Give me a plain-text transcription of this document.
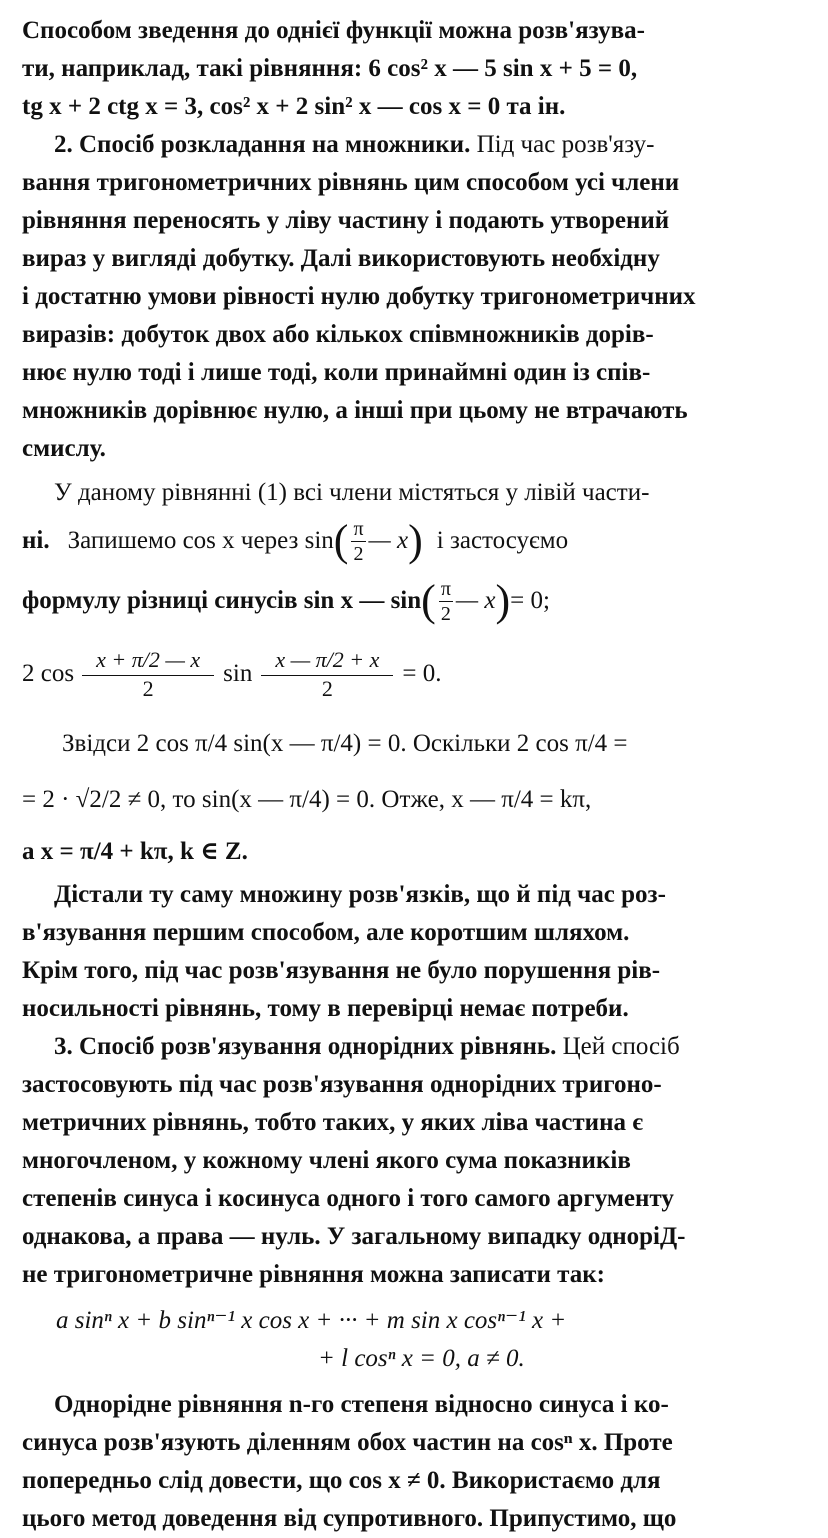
Способом зведення до однієї функції можна розв'язува-
ти, наприклад, такі рівняння: 6 cos² x — 5 sin x + 5 = 0,
tg x + 2 ctg x = 3, cos² x + 2 sin² x — cos x = 0 та ін.
2. Спосіб розкладання на множники. Під час розв'язу-
вання тригонометричних рівнянь цим способом усі члени
рівняння переносять у ліву частину і подають утворений
вираз у вигляді добутку. Далі використовують необхідну
і достатню умови рівності нулю добутку тригонометричних
виразів: добуток двох або кількох співмножників дорів-
нює нулю тоді і лише тоді, коли принаймні один із спів-
множників дорівнює нулю, а інші при цьому не втрачають
смислу.
У даному рівнянні (1) всі члени містяться у лівій части-
ні. Запишемо cos x через sin ( $\frac{\pi}{2}$ — x ) і застосуємо
формулу різниці синусів sin x — sin ( $\frac{\pi}{2}$ — x ) = 0;
2 $\cos \frac{x + \pi/2 — x}{2}$ $\sin \frac{x — \pi/2 + x}{2} = 0$.
Звідси 2 cos π/4 sin(x — π/4) = 0. Оскільки 2 cos π/4 =
= 2 · √2/2 ≠ 0, то sin(x — π/4) = 0. Отже, x — π/4 = kπ,
а x = π/4 + kπ, k ∈ Z.
Дістали ту саму множину розв'язків, що й під час роз-
в'язування першим способом, але коротшим шляхом.
Крім того, під час розв'язування не було порушення рів-
носильності рівнянь, тому в перевірці немає потреби.
3. Спосіб розв'язування однорідних рівнянь. Цей спосіб
застосовують під час розв'язування однорідних тригоно-
метричних рівнянь, тобто таких, у яких ліва частина є
многочленом, у кожному члені якого сума показників
степенів синуса і косинуса одного і того самого аргументу
однакова, а права — нуль. У загальному випадку одноріД-
не тригонометричне рівняння можна записати так:
a sinⁿ x + b sinⁿ⁻¹ x cos x + ··· + m sin x cosⁿ⁻¹ x +
+ l cosⁿ x = 0, a ≠ 0.
Однорідне рівняння n-го степеня відносно синуса і ко-
синуса розв'язують діленням обох частин на cosⁿ x. Проте
попередньо слід довести, що cos x ≠ 0. Використаємо для
цього метод доведення від супротивного. Припустимо, що
